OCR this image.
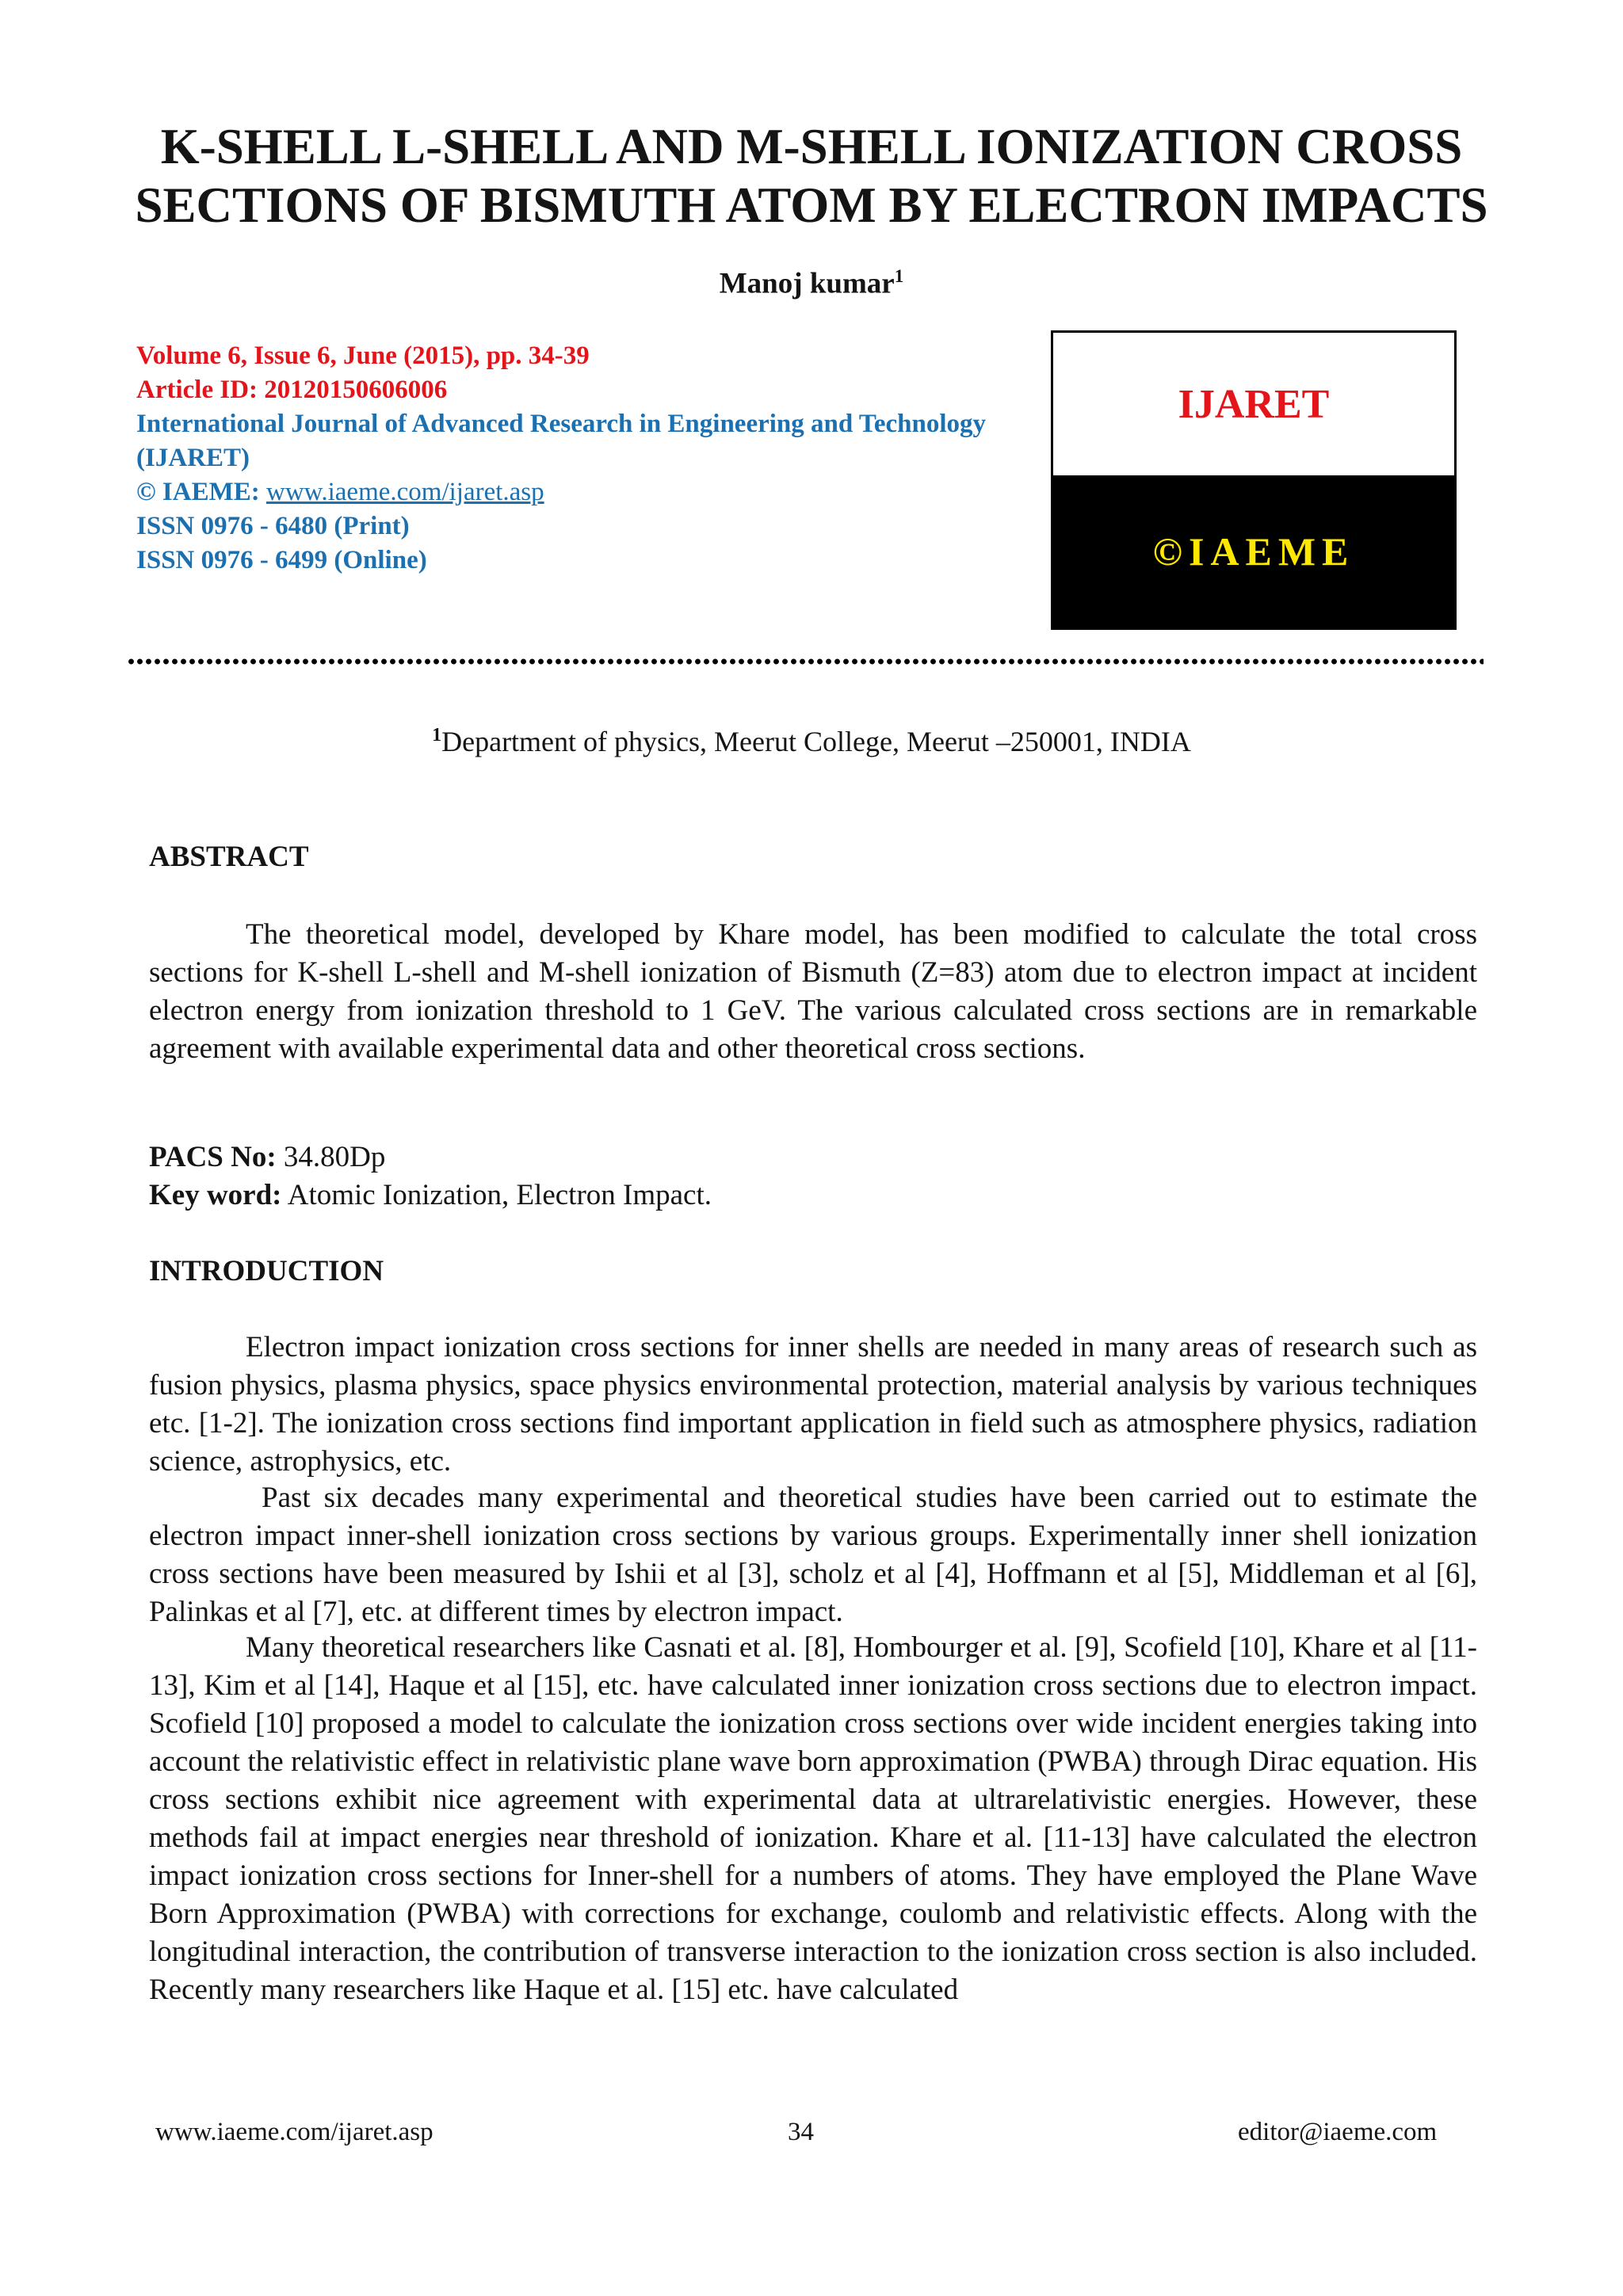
K-SHELL L-SHELL AND M-SHELL IONIZATION CROSS SECTIONS OF BISMUTH ATOM BY ELECTRON IMPACTS
Manoj kumar$^1$
Volume 6, Issue 6, June (2015), pp. 34-39
Article ID: 20120150606006
International Journal of Advanced Research in Engineering and Technology (IJARET)
© IAEME: www.iaeme.com/ijaret.asp
ISSN 0976 - 6480 (Print)
ISSN 0976 - 6499 (Online)
IJARET
©IAEME
$^1$Department of physics, Meerut College, Meerut –250001, INDIA
ABSTRACT

The theoretical model, developed by Khare model, has been modified to calculate the total cross sections for K-shell L-shell and M-shell ionization of Bismuth (Z=83) atom due to electron impact at incident electron energy from ionization threshold to 1 GeV. The various calculated cross sections are in remarkable agreement with available experimental data and other theoretical cross sections.

PACS No: 34.80Dp
Key word: Atomic Ionization, Electron Impact.
INTRODUCTION

Electron impact ionization cross sections for inner shells are needed in many areas of research such as fusion physics, plasma physics, space physics environmental protection, material analysis by various techniques etc. [1-2]. The ionization cross sections find important application in field such as atmosphere physics, radiation science, astrophysics, etc.

Past six decades many experimental and theoretical studies have been carried out to estimate the electron impact inner-shell ionization cross sections by various groups. Experimentally inner shell ionization cross sections have been measured by Ishii et al [3], scholz et al [4], Hoffmann et al [5], Middleman et al [6], Palinkas et al [7], etc. at different times by electron impact.

Many theoretical researchers like Casnati et al. [8], Hombourger et al. [9], Scofield [10], Khare et al [11-13], Kim et al [14], Haque et al [15], etc. have calculated inner ionization cross sections due to electron impact. Scofield [10] proposed a model to calculate the ionization cross sections over wide incident energies taking into account the relativistic effect in relativistic plane wave born approximation (PWBA) through Dirac equation. His cross sections exhibit nice agreement with experimental data at ultrarelativistic energies. However, these methods fail at impact energies near threshold of ionization. Khare et al. [11-13] have calculated the electron impact ionization cross sections for Inner-shell for a numbers of atoms. They have employed the Plane Wave Born Approximation (PWBA) with corrections for exchange, coulomb and relativistic effects. Along with the longitudinal interaction, the contribution of transverse interaction to the ionization cross section is also included. Recently many researchers like Haque et al. [15] etc. have calculated

www.iaeme.com/ijaret.asp	34	editor@iaeme.com
